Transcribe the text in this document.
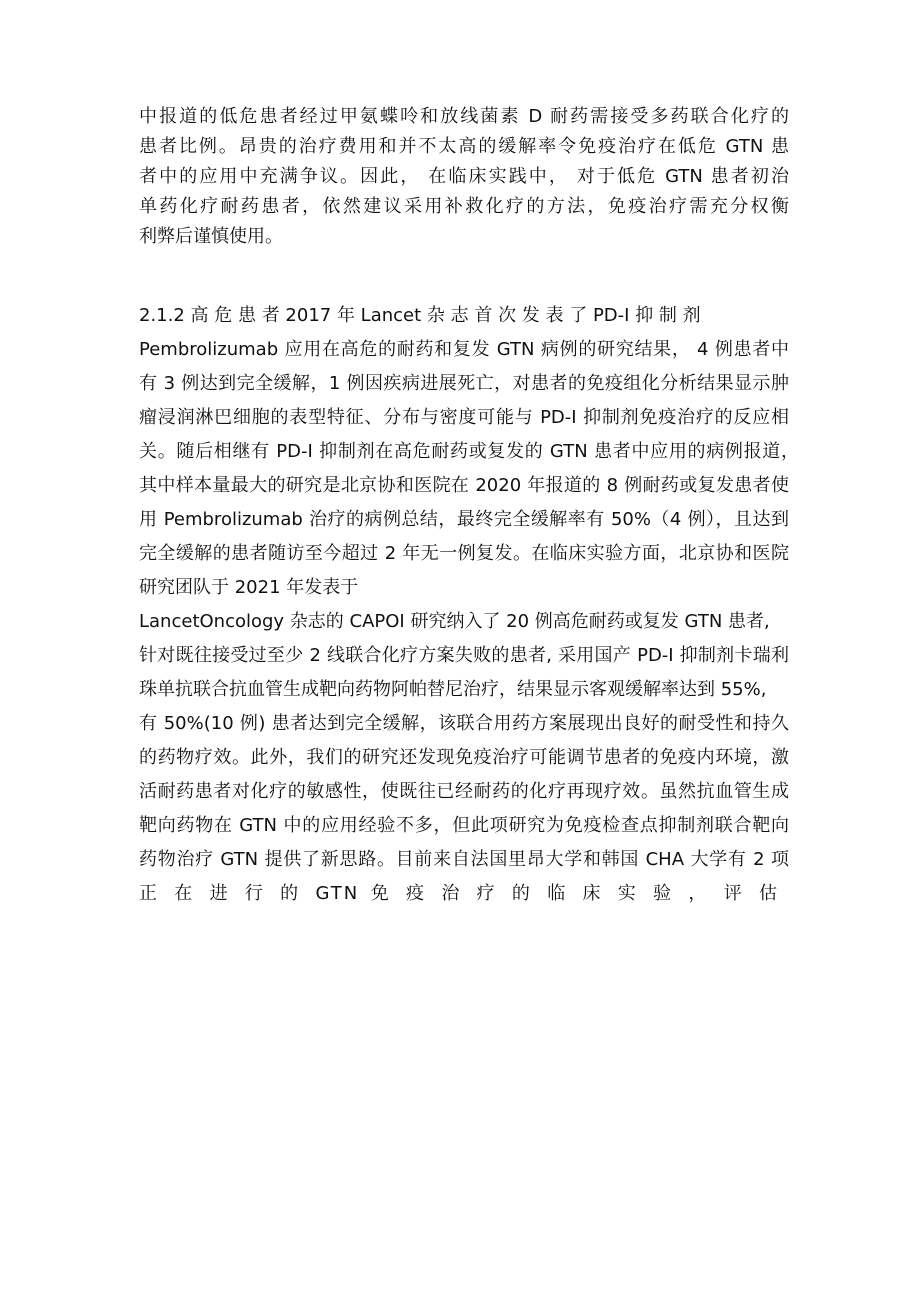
中报道的低危患者经过甲氨蝶呤和放线菌素 D 耐药需接受多药联合化疗的
患者比例。昂贵的治疗费用和并不太高的缓解率令免疫治疗在低危 GTN 患
者中的应用中充满争议。因此， 在临床实践中， 对于低危 GTN 患者初治
单药化疗耐药患者，依然建议采用补救化疗的方法，免疫治疗需充分权衡
利弊后谨慎使用。
2.1.2 高 危 患 者 2017 年 Lancet 杂 志 首 次 发 表 了 PD-I 抑 制 剂
Pembrolizumab 应用在高危的耐药和复发 GTN 病例的研究结果， 4 例患者中
有 3 例达到完全缓解，1 例因疾病进展死亡，对患者的免疫组化分析结果显示肿
瘤浸润淋巴细胞的表型特征、分布与密度可能与 PD-I 抑制剂免疫治疗的反应相
关。随后相继有 PD-I 抑制剂在高危耐药或复发的 GTN 患者中应用的病例报道，
其中样本量最大的研究是北京协和医院在 2020 年报道的 8 例耐药或复发患者使
用 Pembrolizumab 治疗的病例总结，最终完全缓解率有 50%（4 例），且达到
完全缓解的患者随访至今超过 2 年无一例复发。在临床实验方面，北京协和医院
研究团队于 2021 年发表于
LancetOncology 杂志的 CAPOI 研究纳入了 20 例高危耐药或复发 GTN 患者,
针对既往接受过至少 2 线联合化疗方案失败的患者, 采用国产 PD-I 抑制剂卡瑞利
珠单抗联合抗血管生成靶向药物阿帕替尼治疗，结果显示客观缓解率达到 55%,
有 50%(10 例) 患者达到完全缓解，该联合用药方案展现出良好的耐受性和持久
的药物疗效。此外，我们的研究还发现免疫治疗可能调节患者的免疫内环境，激
活耐药患者对化疗的敏感性，使既往已经耐药的化疗再现疗效。虽然抗血管生成
靶向药物在 GTN 中的应用经验不多，但此项研究为免疫检查点抑制剂联合靶向
药物治疗 GTN 提供了新思路。目前来自法国里昂大学和韩国 CHA 大学有 2 项
正 在 进 行 的 GTN 免 疫 治 疗 的 临 床 实 验 ， 评 估
